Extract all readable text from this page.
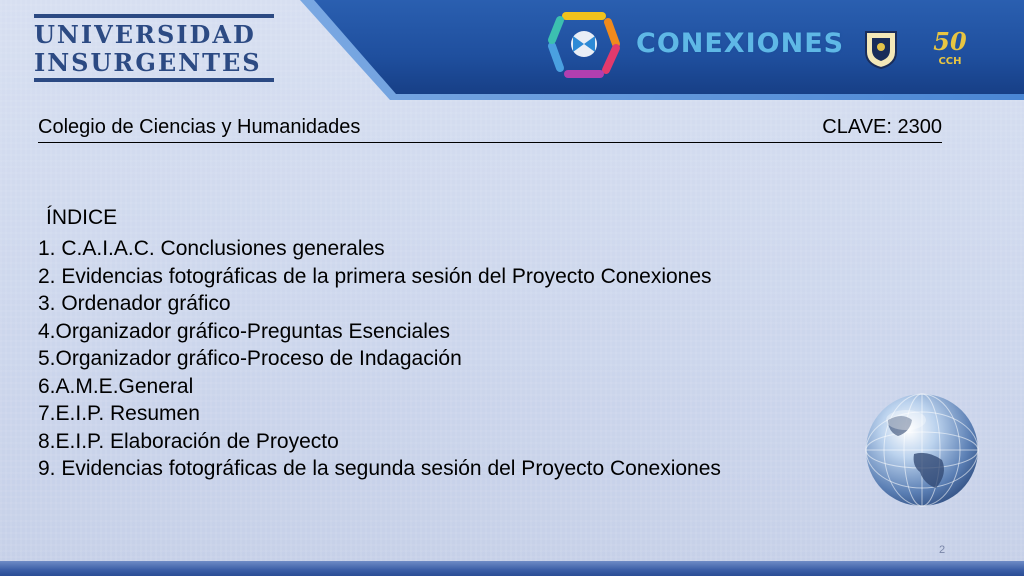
UNIVERSIDAD
INSURGENTES
CONEXIONES	50
CCH
Colegio de Ciencias y Humanidades	CLAVE: 2300
ÍNDICE
1. C.A.I.A.C. Conclusiones generales
2. Evidencias fotográficas de la primera sesión del Proyecto Conexiones
3. Ordenador gráfico
4.Organizador gráfico-Preguntas Esenciales
5.Organizador gráfico-Proceso de Indagación
6.A.M.E.General
7.E.I.P. Resumen
8.E.I.P. Elaboración de Proyecto
9. Evidencias fotográficas de la segunda sesión del Proyecto Conexiones
2
